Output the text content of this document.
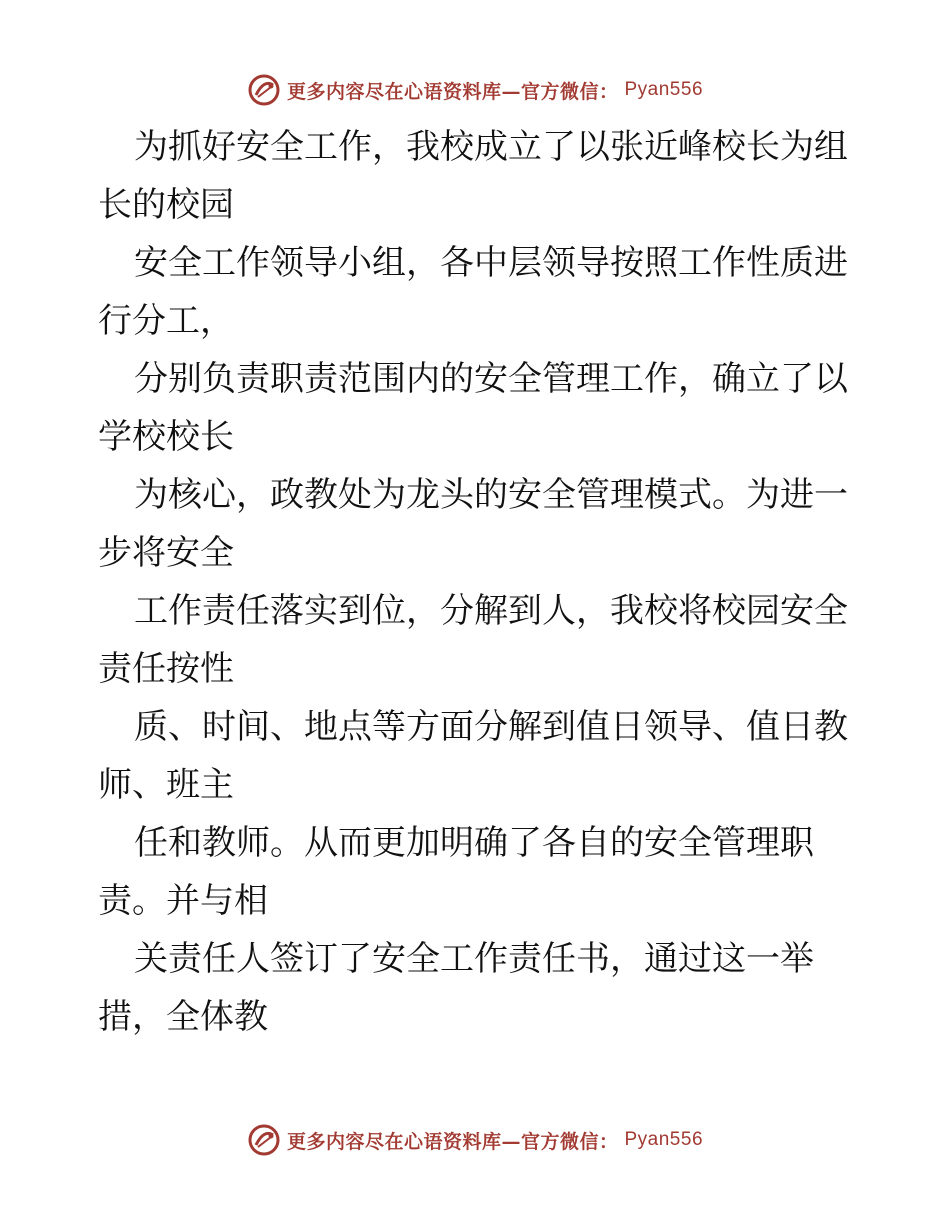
更多内容尽在心语资料库—官方微信： Pyan556
为抓好安全工作，我校成立了以张近峰校长为组
长的校园
安全工作领导小组，各中层领导按照工作性质进
行分工，
分别负责职责范围内的安全管理工作，确立了以
学校校长
为核心，政教处为龙头的安全管理模式。为进一
步将安全
工作责任落实到位，分解到人，我校将校园安全
责任按性
质、时间、地点等方面分解到值日领导、值日教
师、班主
任和教师。从而更加明确了各自的安全管理职
责。并与相
关责任人签订了安全工作责任书，通过这一举
措，全体教
更多内容尽在心语资料库—官方微信： Pyan556
